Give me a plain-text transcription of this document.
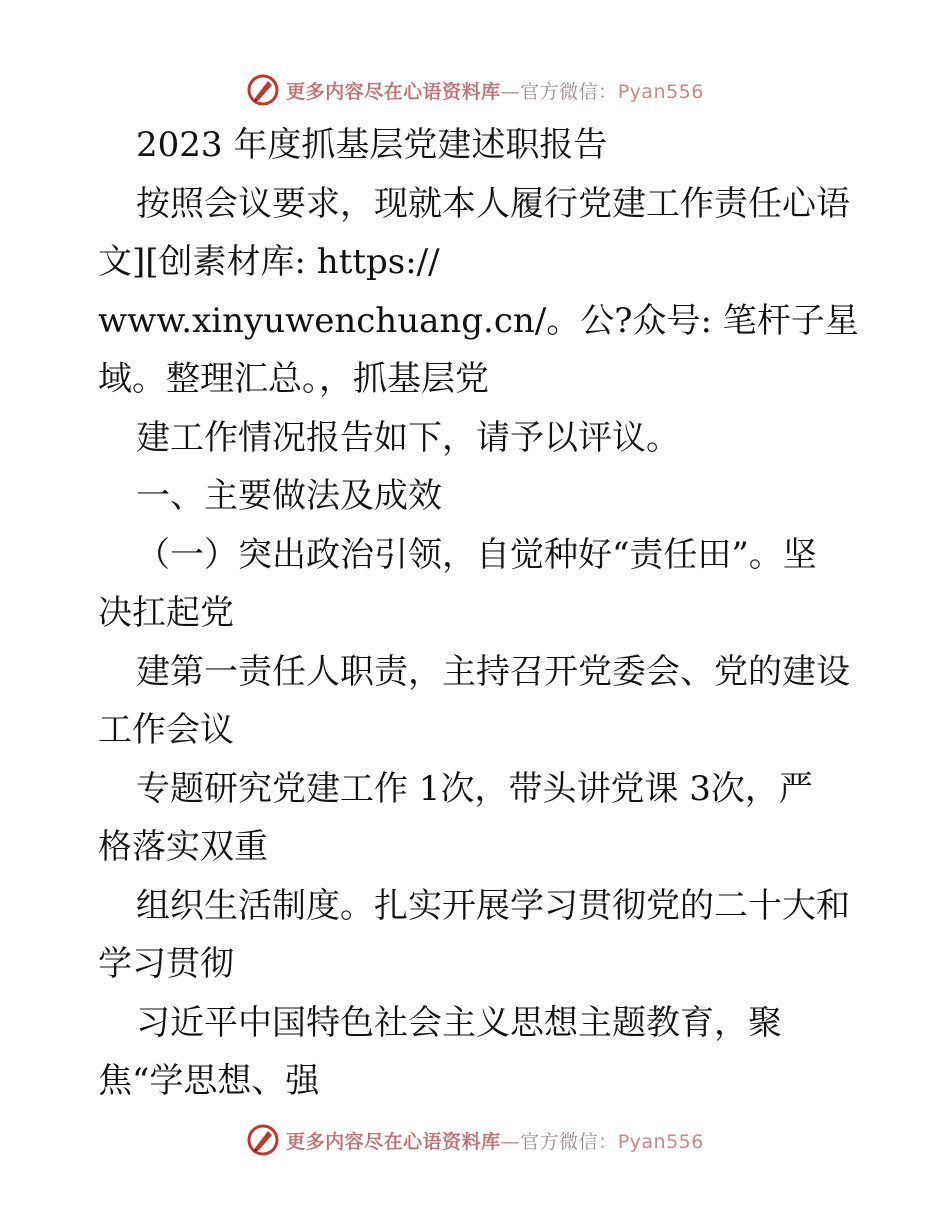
更多内容尽在心语资料库—官方微信：Pyan556
2023 年度抓基层党建述职报告
按照会议要求，现就本人履行党建工作责任心语
文][创素材库: https://
www.xinyuwenchuang.cn/。公?众号: 笔杆子星
域。整理汇总。，抓基层党
建工作情况报告如下，请予以评议。
一、主要做法及成效
（一）突出政治引领，自觉种好“责任田”。坚
决扛起党
建第一责任人职责，主持召开党委会、党的建设
工作会议
专题研究党建工作 1次，带头讲党课 3次，严
格落实双重
组织生活制度。扎实开展学习贯彻党的二十大和
学习贯彻
习近平中国特色社会主义思想主题教育，聚
焦“学思想、强
更多内容尽在心语资料库—官方微信：Pyan556
